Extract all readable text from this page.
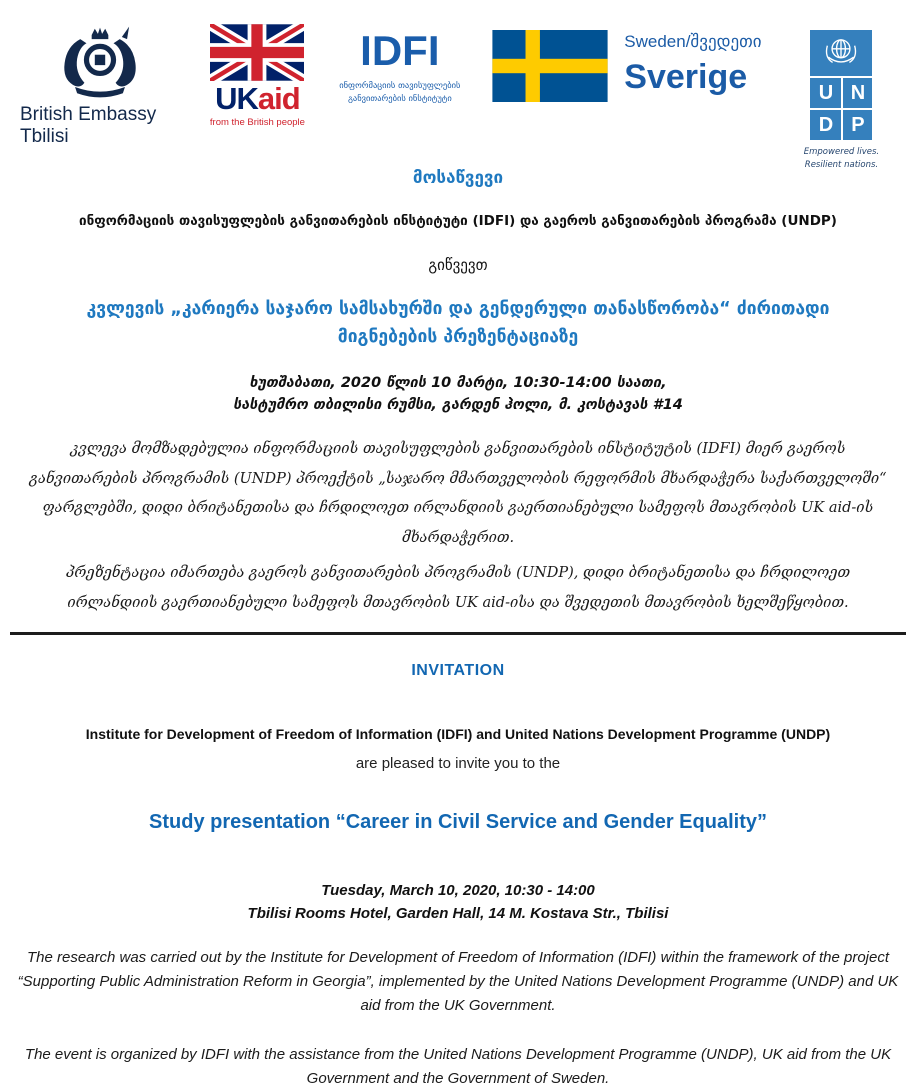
British Embassy
Tbilisi
UKaid
from the British people
IDFI
ინფორმაციის თავისუფლების
განვითარების ინსტიტუტი
Sweden/შვედეთი
Sverige	U N
D P
Empowered lives.
Resilient nations.
მოსაწვევი
ინფორმაციის თავისუფლების განვითარების ინსტიტუტი (IDFI) და გაეროს განვითარების პროგრამა (UNDP)
გიწვევთ
კვლევის „კარიერა საჯარო სამსახურში და გენდერული თანასწორობა“ ძირითადი მიგნებების პრეზენტაციაზე
ხუთშაბათი, 2020 წლის 10 მარტი, 10:30-14:00 საათი,
სასტუმრო თბილისი რუმსი, გარდენ ჰოლი, მ. კოსტავას #14
კვლევა მომზადებულია ინფორმაციის თავისუფლების განვითარების ინსტიტუტის (IDFI) მიერ გაეროს განვითარების პროგრამის (UNDP) პროექტის „საჯარო მმართველობის რეფორმის მხარდაჭერა საქართველოში“ ფარგლებში, დიდი ბრიტანეთისა და ჩრდილოეთ ირლანდიის გაერთიანებული სამეფოს მთავრობის UK aid-ის მხარდაჭერით.
პრეზენტაცია იმართება გაეროს განვითარების პროგრამის (UNDP), დიდი ბრიტანეთისა და ჩრდილოეთ ირლანდიის გაერთიანებული სამეფოს მთავრობის UK aid-ისა და შვედეთის მთავრობის ხელშეწყობით.
INVITATION
Institute for Development of Freedom of Information (IDFI) and United Nations Development Programme (UNDP)
are pleased to invite you to the
Study presentation “Career in Civil Service and Gender Equality”
Tuesday, March 10, 2020, 10:30 - 14:00
Tbilisi Rooms Hotel, Garden Hall, 14 M. Kostava Str., Tbilisi
The research was carried out by the Institute for Development of Freedom of Information (IDFI) within the framework of the project “Supporting Public Administration Reform in Georgia”, implemented by the United Nations Development Programme (UNDP) and UK aid from the UK Government.
The event is organized by IDFI with the assistance from the United Nations Development Programme (UNDP), UK aid from the UK Government and the Government of Sweden.
